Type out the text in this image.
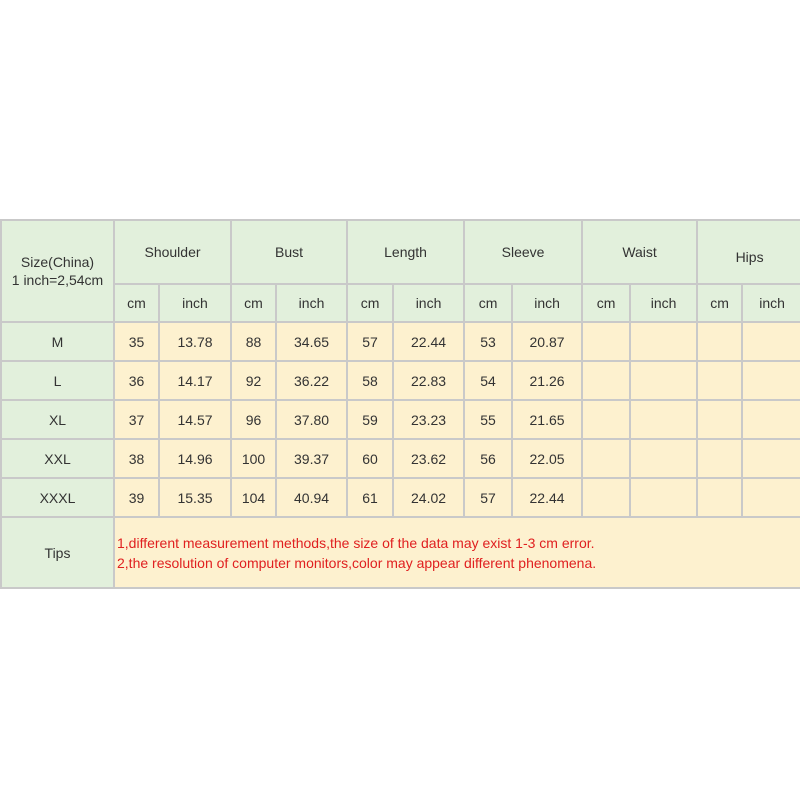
Size(China)
1 inch=2,54cm	Shoulder		Bust		Length		Sleeve		Waist		Hips	
	cm	inch	cm	inch	cm	inch	cm	inch	cm	inch	cm	inch
M	35	13.78	88	34.65	57	22.44	53	20.87				
L	36	14.17	92	36.22	58	22.83	54	21.26				
XL	37	14.57	96	37.80	59	23.23	55	21.65				
XXL	38	14.96	100	39.37	60	23.62	56	22.05				
XXXL	39	15.35	104	40.94	61	24.02	57	22.44				
Tips	1,different measurement methods,the size of the data may exist 1-3 cm error.
2,the resolution of computer monitors,color may appear different phenomena.											
